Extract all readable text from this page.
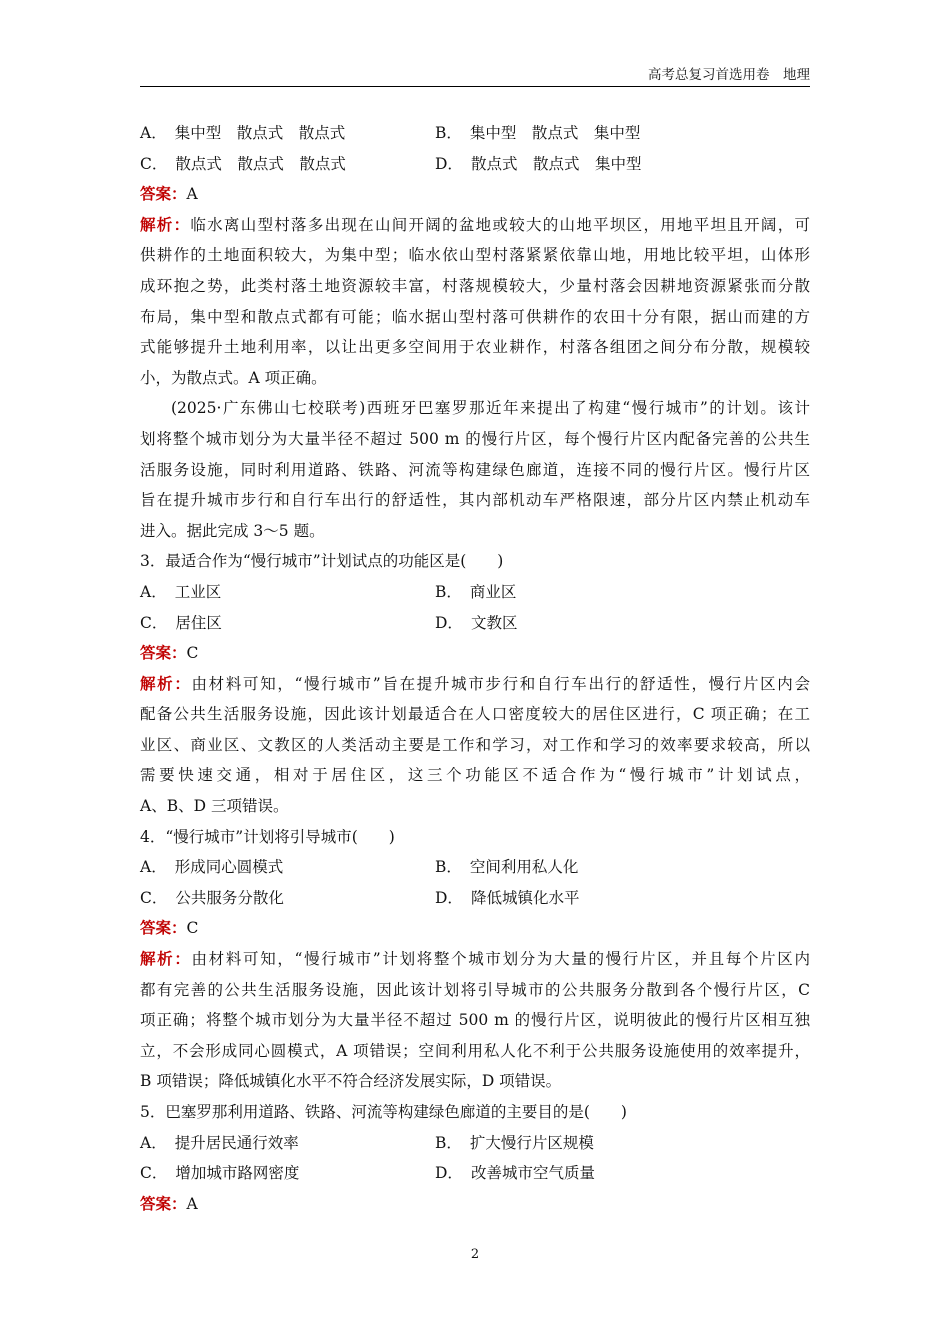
高考总复习首选用卷　地理
A． 集中型　散点式　散点式	B． 集中型　散点式　集中型
C． 散点式　散点式　散点式	D． 散点式　散点式　集中型
答案：A
解析：临水离山型村落多出现在山间开阔的盆地或较大的山地平坝区，用地平坦且开阔，可
供耕作的土地面积较大，为集中型；临水依山型村落紧紧依靠山地，用地比较平坦，山体形
成环抱之势，此类村落土地资源较丰富，村落规模较大，少量村落会因耕地资源紧张而分散
布局，集中型和散点式都有可能；临水据山型村落可供耕作的农田十分有限，据山而建的方
式能够提升土地利用率，以让出更多空间用于农业耕作，村落各组团之间分布分散，规模较
小，为散点式。A 项正确。
(2025·广东佛山七校联考)西班牙巴塞罗那近年来提出了构建“慢行城市”的计划。该计
划将整个城市划分为大量半径不超过 500 m 的慢行片区，每个慢行片区内配备完善的公共生
活服务设施，同时利用道路、铁路、河流等构建绿色廊道，连接不同的慢行片区。慢行片区
旨在提升城市步行和自行车出行的舒适性，其内部机动车严格限速，部分片区内禁止机动车
进入。据此完成 3～5 题。
3．最适合作为“慢行城市”计划试点的功能区是(　　)
A． 工业区	B． 商业区
C． 居住区	D． 文教区
答案：C
解析：由材料可知，“慢行城市”旨在提升城市步行和自行车出行的舒适性，慢行片区内会
配备公共生活服务设施，因此该计划最适合在人口密度较大的居住区进行，C 项正确；在工
业区、商业区、文教区的人类活动主要是工作和学习，对工作和学习的效率要求较高，所以
需要快速交通，相对于居住区，这三个功能区不适合作为“慢行城市”计划试点，
A、B、D 三项错误。
4．“慢行城市”计划将引导城市(　　)
A． 形成同心圆模式	B． 空间利用私人化
C． 公共服务分散化	D． 降低城镇化水平
答案：C
解析：由材料可知，“慢行城市”计划将整个城市划分为大量的慢行片区，并且每个片区内
都有完善的公共生活服务设施，因此该计划将引导城市的公共服务分散到各个慢行片区，C
项正确；将整个城市划分为大量半径不超过 500 m 的慢行片区，说明彼此的慢行片区相互独
立，不会形成同心圆模式，A 项错误；空间利用私人化不利于公共服务设施使用的效率提升，
B 项错误；降低城镇化水平不符合经济发展实际，D 项错误。
5．巴塞罗那利用道路、铁路、河流等构建绿色廊道的主要目的是(　　)
A． 提升居民通行效率	B． 扩大慢行片区规模
C． 增加城市路网密度	D． 改善城市空气质量
答案：A
2
